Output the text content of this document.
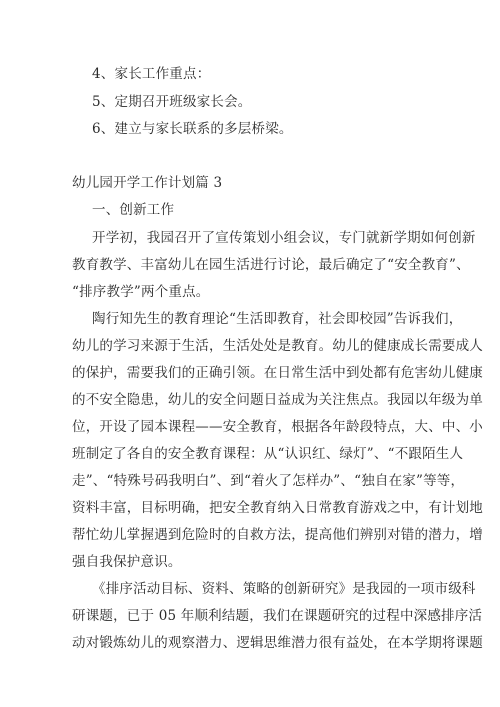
4、家长工作重点：
5、定期召开班级家长会。
6、建立与家长联系的多层桥梁。
幼儿园开学工作计划篇 3
一、创新工作
开学初，我园召开了宣传策划小组会议，专门就新学期如何创新
教育教学、丰富幼儿在园生活进行讨论，最后确定了“安全教育”、
“排序教学”两个重点。
陶行知先生的教育理论“生活即教育，社会即校园”告诉我们，
幼儿的学习来源于生活，生活处处是教育。幼儿的健康成长需要成人
的保护，需要我们的正确引领。在日常生活中到处都有危害幼儿健康
的不安全隐患，幼儿的安全问题日益成为关注焦点。我园以年级为单
位，开设了园本课程——安全教育，根据各年龄段特点，大、中、小
班制定了各自的安全教育课程：从“认识红、绿灯”、“不跟陌生人
走”、“特殊号码我明白”、到“着火了怎样办”、“独自在家”等等，
资料丰富，目标明确，把安全教育纳入日常教育游戏之中，有计划地
帮忙幼儿掌握遇到危险时的自救方法，提高他们辨别对错的潜力，增
强自我保护意识。
《排序活动目标、资料、策略的创新研究》是我园的一项市级科
研课题，已于 05 年顺利结题，我们在课题研究的过程中深感排序活
动对锻炼幼儿的观察潜力、逻辑思维潜力很有益处，在本学期将课题
